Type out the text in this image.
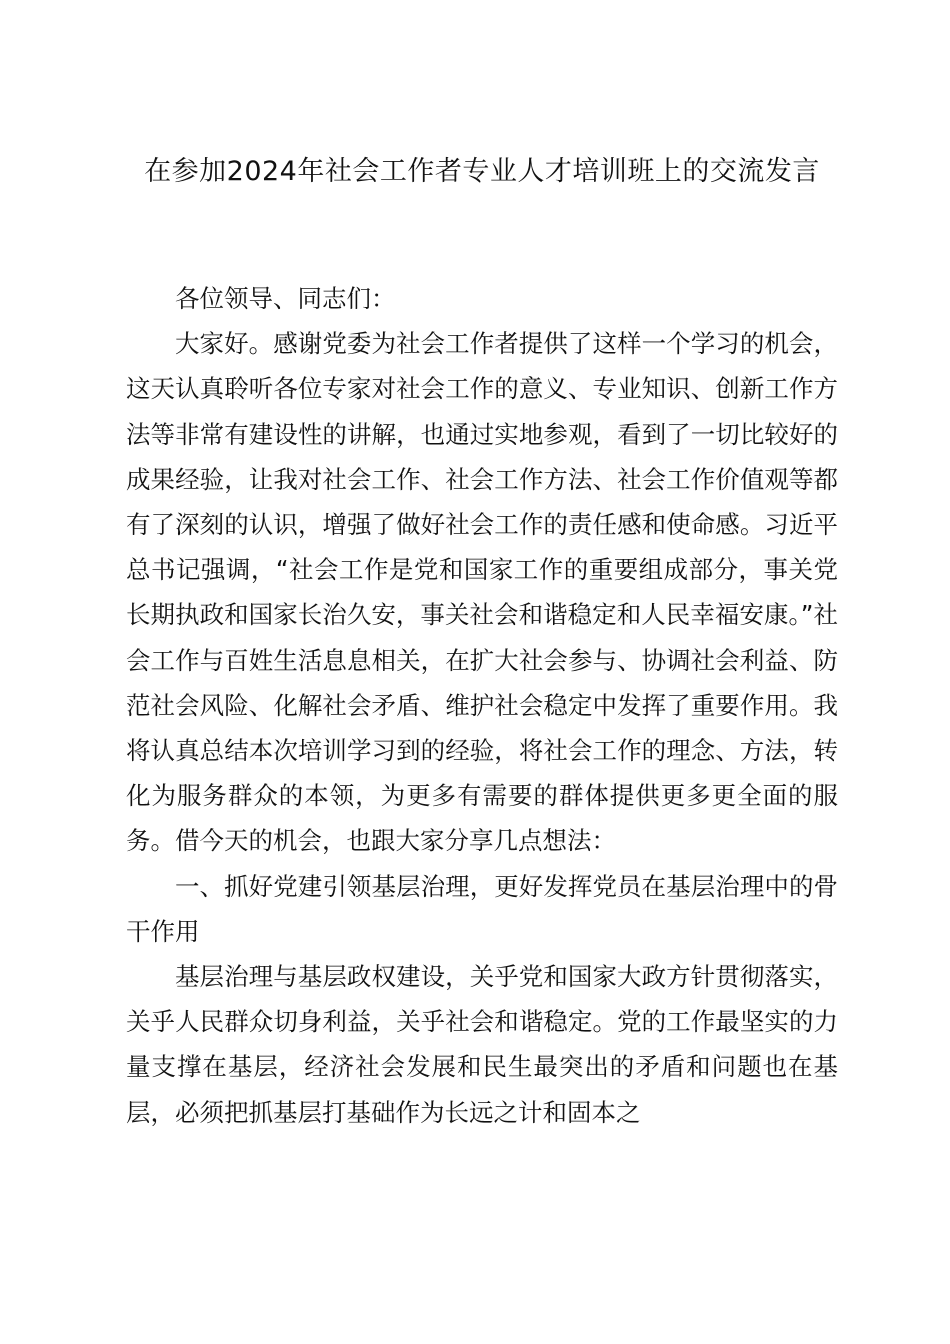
在参加2024年社会工作者专业人才培训班上的交流发言

各位领导、同志们：

大家好。感谢党委为社会工作者提供了这样一个学习的机会，这天认真聆听各位专家对社会工作的意义、专业知识、创新工作方法等非常有建设性的讲解，也通过实地参观，看到了一切比较好的成果经验，让我对社会工作、社会工作方法、社会工作价值观等都有了深刻的认识，增强了做好社会工作的责任感和使命感。习近平总书记强调，“社会工作是党和国家工作的重要组成部分，事关党长期执政和国家长治久安，事关社会和谐稳定和人民幸福安康。”社会工作与百姓生活息息相关，在扩大社会参与、协调社会利益、防范社会风险、化解社会矛盾、维护社会稳定中发挥了重要作用。我将认真总结本次培训学习到的经验，将社会工作的理念、方法，转化为服务群众的本领，为更多有需要的群体提供更多更全面的服务。借今天的机会，也跟大家分享几点想法：

一、抓好党建引领基层治理，更好发挥党员在基层治理中的骨干作用

基层治理与基层政权建设，关乎党和国家大政方针贯彻落实，关乎人民群众切身利益，关乎社会和谐稳定。党的工作最坚实的力量支撑在基层，经济社会发展和民生最突出的矛盾和问题也在基层，必须把抓基层打基础作为长远之计和固本之
